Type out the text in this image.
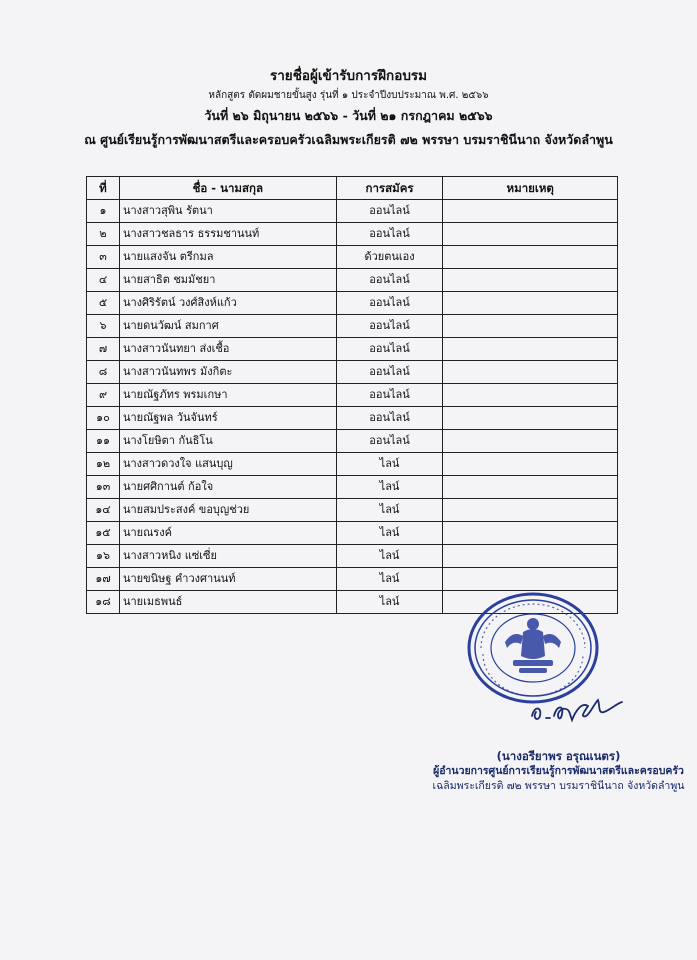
รายชื่อผู้เข้ารับการฝึกอบรม
หลักสูตร ตัดผมชายขั้นสูง รุ่นที่ ๑ ประจำปีงบประมาณ พ.ศ. ๒๕๖๖
วันที่ ๒๖ มิถุนายน ๒๕๖๖ - วันที่ ๒๑ กรกฎาคม ๒๕๖๖
ณ ศูนย์เรียนรู้การพัฒนาสตรีและครอบครัวเฉลิมพระเกียรติ ๗๒ พรรษา บรมราชินีนาถ จังหวัดลำพูน
ที่	ชื่อ - นามสกุล	การสมัคร	หมายเหตุ
๑	นางสาวสุพิน รัตนา	ออนไลน์	
๒	นางสาวชลธาร ธรรมชานนท์	ออนไลน์	
๓	นายแสงจัน ตรีกมล	ด้วยตนเอง	
๔	นายสาธิต ชมมัชยา	ออนไลน์	
๕	นางศิริรัตน์ วงศ์สิงห์แก้ว	ออนไลน์	
๖	นายดนวัฒน์ สมกาศ	ออนไลน์	
๗	นางสาวนันทยา ส่งเชื้อ	ออนไลน์	
๘	นางสาวนันทพร มังกิตะ	ออนไลน์	
๙	นายณัฐภัทร พรมเกษา	ออนไลน์	
๑๐	นายณัฐพล วันจันทร์	ออนไลน์	
๑๑	นางโยษิตา กันธิโน	ออนไลน์	
๑๒	นางสาวดวงใจ แสนบุญ	ไลน์	
๑๓	นายศศิกานต์ ก้อใจ	ไลน์	
๑๔	นายสมประสงค์ ขอบุญช่วย	ไลน์	
๑๕	นายณรงค์	ไลน์	
๑๖	นางสาวหนิง แซ่เซี่ย	ไลน์	
๑๗	นายขนิษฐ คำวงศานนท์	ไลน์	
๑๘	นายเมธพนธ์	ไลน์	
(นางอรียาพร อรุณเนตร)
ผู้อำนวยการศูนย์การเรียนรู้การพัฒนาสตรีและครอบครัว
เฉลิมพระเกียรติ ๗๒ พรรษา บรมราชินีนาถ จังหวัดลำพูน
